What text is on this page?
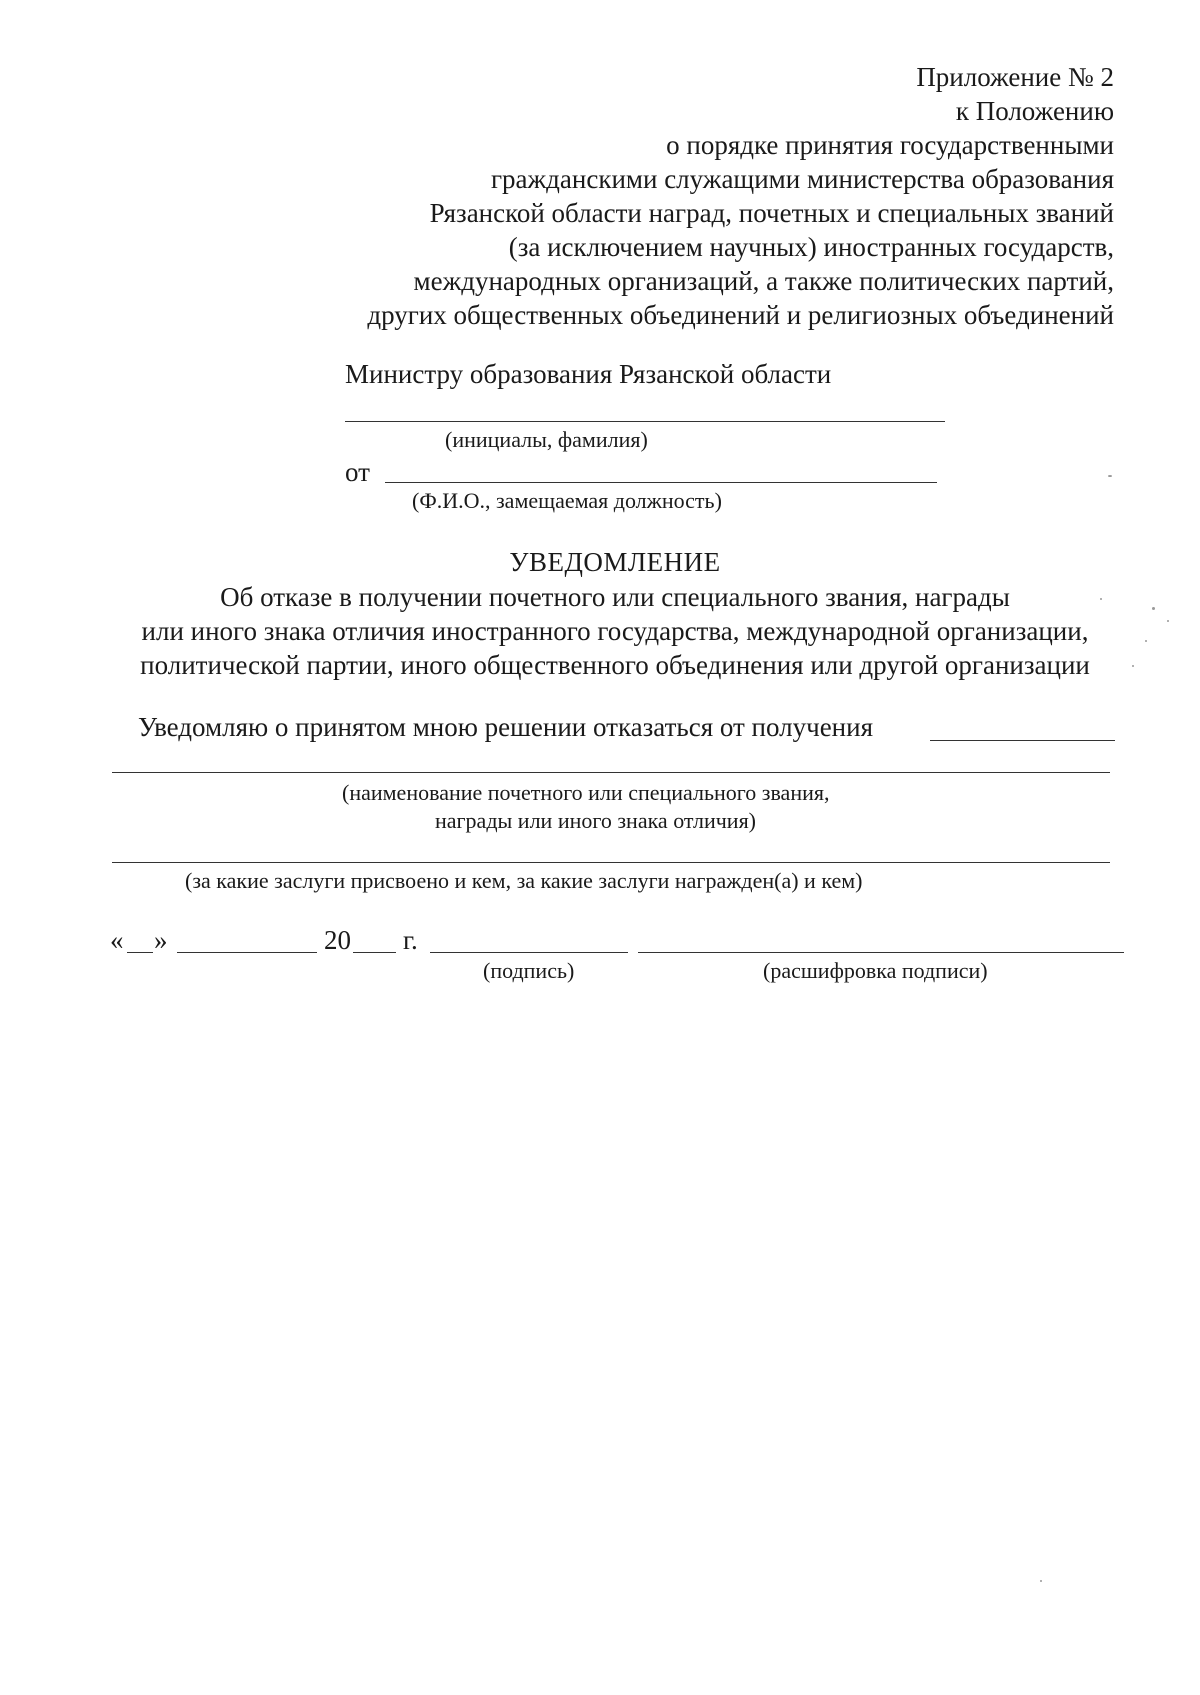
Приложение № 2
к Положению
о порядке принятия государственными
гражданскими служащими министерства образования
Рязанской области наград, почетных и специальных званий
(за исключением научных) иностранных государств,
международных организаций, а также политических партий,
других общественных объединений и религиозных объединений
Министру образования Рязанской области
(инициалы, фамилия)
от
(Ф.И.О., замещаемая должность)
УВЕДОМЛЕНИЕ
Об отказе в получении почетного или специального звания, награды
или иного знака отличия иностранного государства, международной организации,
политической партии, иного общественного объединения или другой организации
Уведомляю о принятом мною решении отказаться от получения
(наименование почетного или специального звания,
награды или иного знака отличия)
(за какие заслуги присвоено и кем, за какие заслуги награжден(а) и кем)
« »	20 г.
(подпись)	(расшифровка подписи)
